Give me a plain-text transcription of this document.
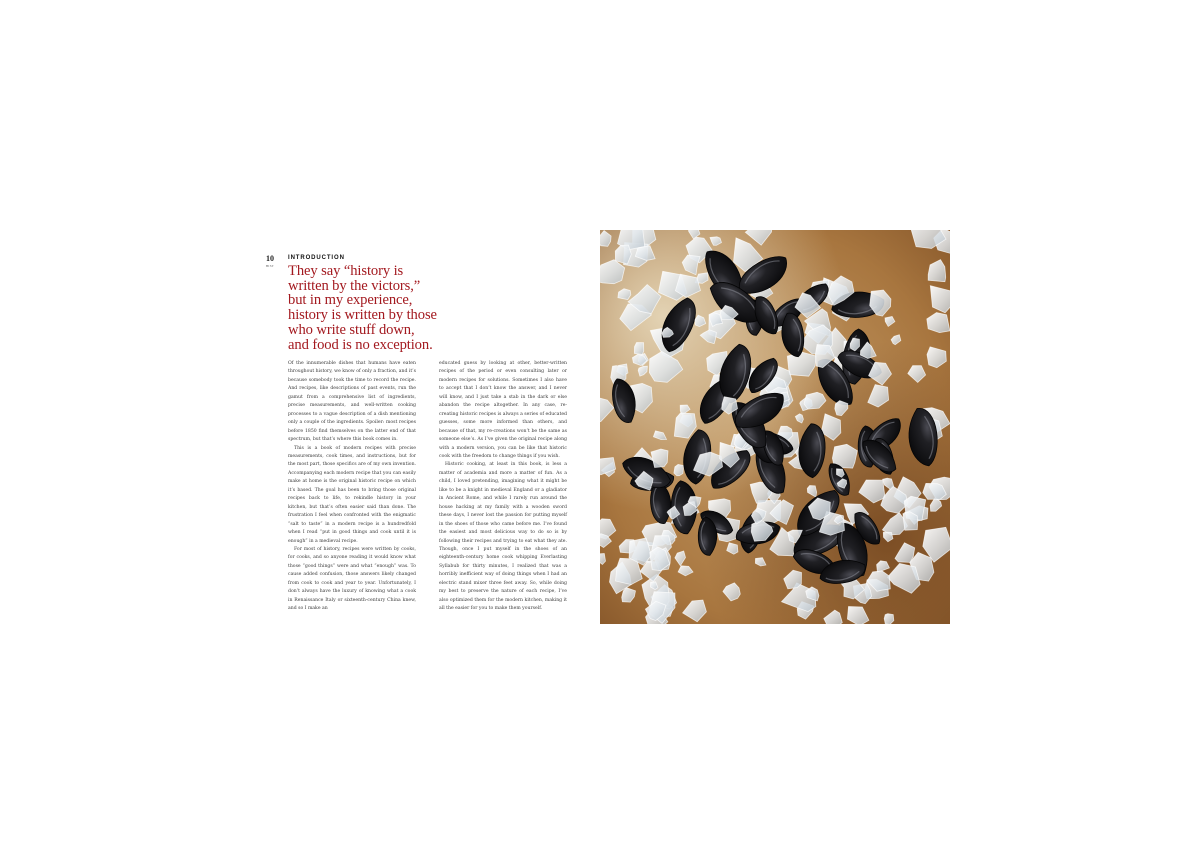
10
HIST
INTRODUCTION
They say “history is written by the victors,” but in my experience, history is written by those who write stuff down, and food is no exception.

Of the innumerable dishes that humans have eaten throughout history, we know of only a fraction, and it’s because somebody took the time to record the recipe. And recipes, like descriptions of past events, run the gamut from a comprehensive list of ingredients, precise measurements, and well-written cooking processes to a vague description of a dish mentioning only a couple of the ingredients. Spoiler: most recipes before 1850 find themselves on the latter end of that spectrum, but that’s where this book comes in.

This is a book of modern recipes with precise measurements, cook times, and instructions, but for the most part, those specifics are of my own invention. Accompanying each modern recipe that you can easily make at home is the original historic recipe on which it’s based. The goal has been to bring those original recipes back to life, to rekindle history in your kitchen, but that’s often easier said than done. The frustration I feel when confronted with the enigmatic “salt to taste” in a modern recipe is a hundredfold when I read “put in good things and cook until it is enough” in a medieval recipe.

For most of history, recipes were written by cooks, for cooks, and so anyone reading it would know what those “good things” were and what “enough” was. To cause added confusion, those answers likely changed from cook to cook and year to year. Unfortunately, I don’t always have the luxury of knowing what a cook in Renaissance Italy or sixteenth-century China knew, and so I make an

educated guess by looking at other, better-written recipes of the period or even consulting later or modern recipes for solutions. Sometimes I also have to accept that I don’t know the answer, and I never will know, and I just take a stab in the dark or else abandon the recipe altogether. In any case, re-creating historic recipes is always a series of educated guesses, some more informed than others, and because of that, my re-creations won’t be the same as someone else’s. As I’ve given the original recipe along with a modern version, you can be like that historic cook with the freedom to change things if you wish.

Historic cooking, at least in this book, is less a matter of academia and more a matter of fun. As a child, I loved pretending, imagining what it might be like to be a knight in medieval England or a gladiator in Ancient Rome, and while I rarely run around the house hacking at my family with a wooden sword these days, I never lost the passion for putting myself in the shoes of those who came before me. I’ve found the easiest and most delicious way to do so is by following their recipes and trying to eat what they ate. Though, once I put myself in the shoes of an eighteenth-century home cook whipping Everlasting Syllabub for thirty minutes, I realized that was a horribly inefficient way of doing things when I had an electric stand mixer three feet away. So, while doing my best to preserve the nature of each recipe, I’ve also optimized them for the modern kitchen, making it all the easier for you to make them yourself.
